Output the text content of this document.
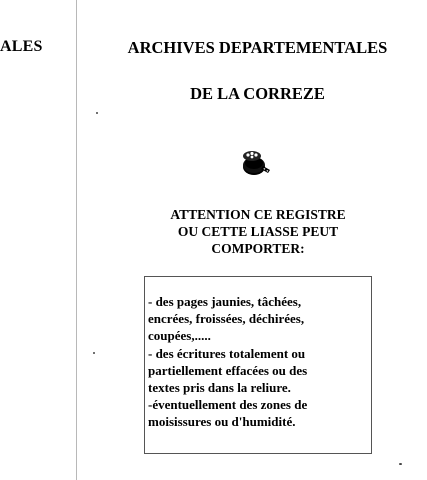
ALES	ARCHIVES DEPARTEMENTALES
DE LA CORREZE
ATTENTION CE REGISTRE
OU CETTE LIASSE PEUT
COMPORTER:
- des pages jaunies, tâchées,
encrées, froissées, déchirées,
coupées,.....
- des écritures totalement ou
partiellement effacées ou des
textes pris dans la reliure.
-éventuellement des zones de
moisissures ou d'humidité.
